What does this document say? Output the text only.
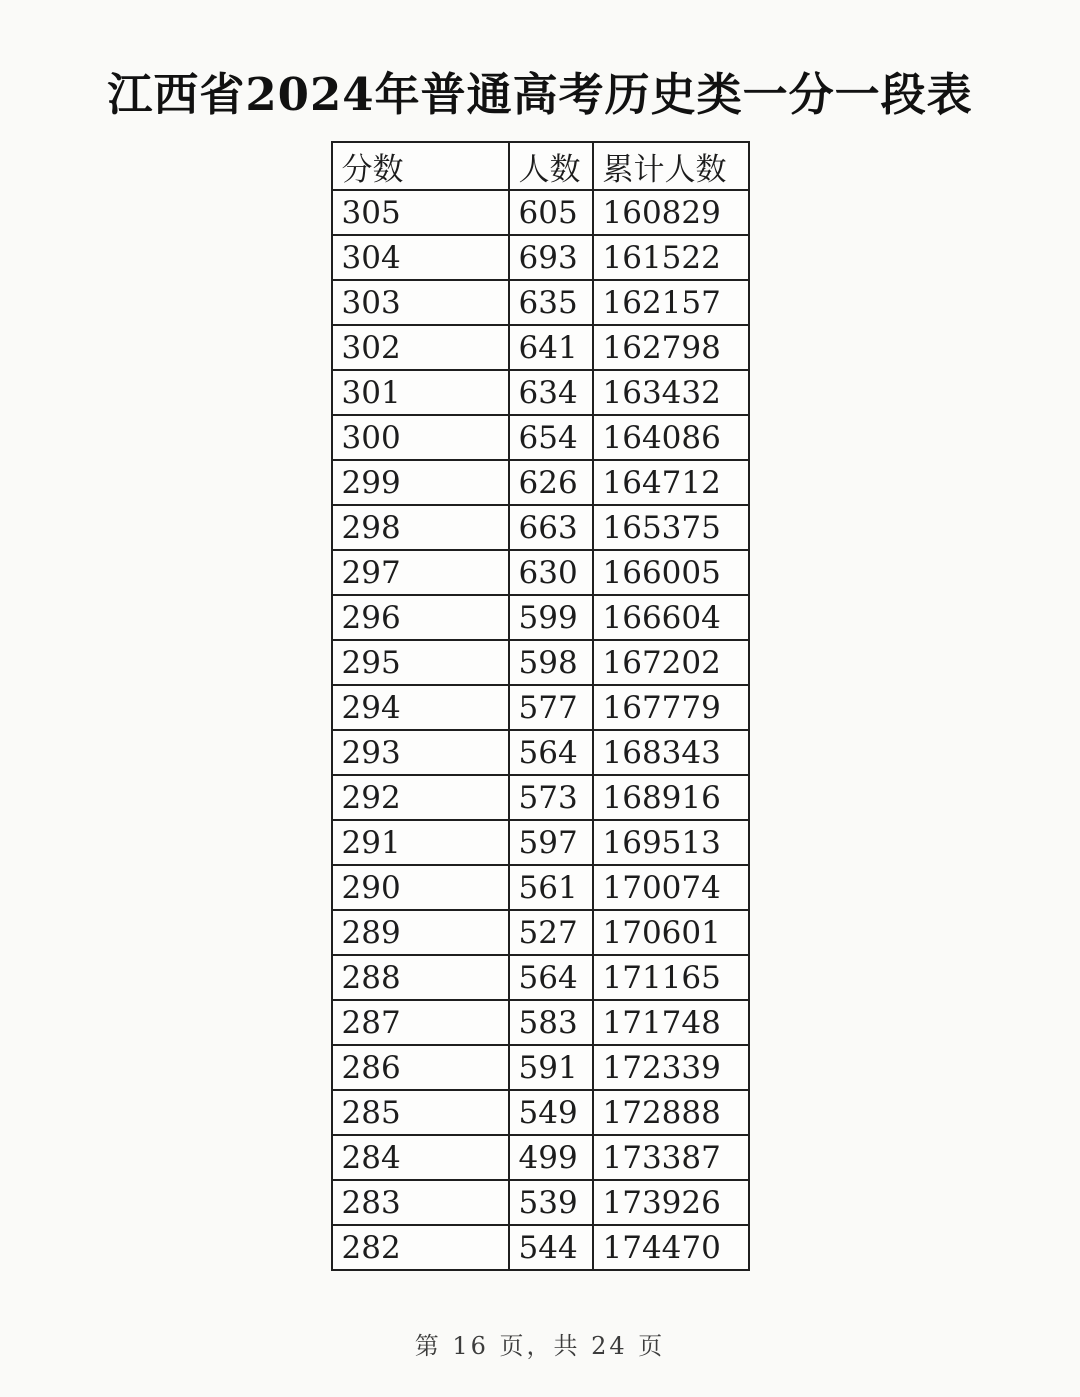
江西省2024年普通高考历史类一分一段表
分数	人数	累计人数
305	605	160829
304	693	161522
303	635	162157
302	641	162798
301	634	163432
300	654	164086
299	626	164712
298	663	165375
297	630	166005
296	599	166604
295	598	167202
294	577	167779
293	564	168343
292	573	168916
291	597	169513
290	561	170074
289	527	170601
288	564	171165
287	583	171748
286	591	172339
285	549	172888
284	499	173387
283	539	173926
282	544	174470
第 16 页，共 24 页
